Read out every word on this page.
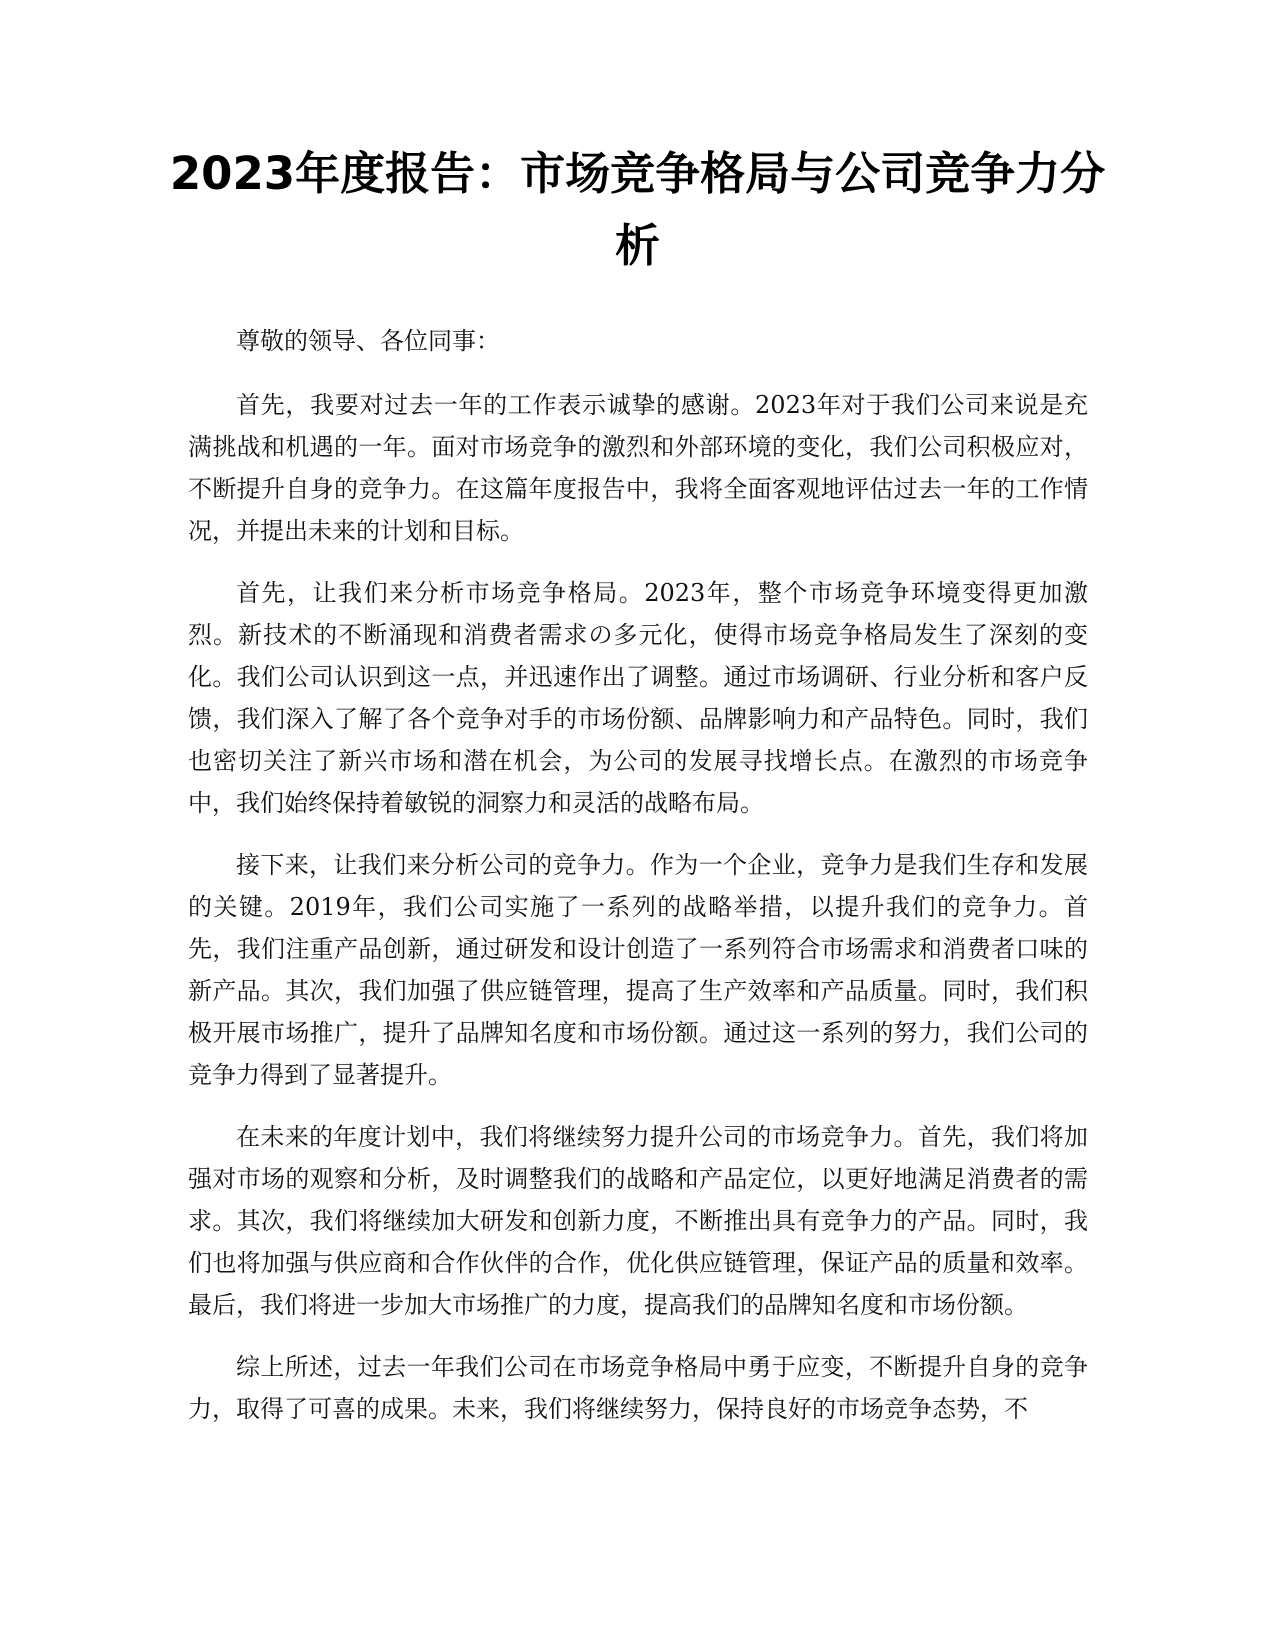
2023年度报告：市场竞争格局与公司竞争力分析

尊敬的领导、各位同事：

首先，我要对过去一年的工作表示诚挚的感谢。2023年对于我们公司来说是充满挑战和机遇的一年。面对市场竞争的激烈和外部环境的变化，我们公司积极应对，不断提升自身的竞争力。在这篇年度报告中，我将全面客观地评估过去一年的工作情况，并提出未来的计划和目标。

首先，让我们来分析市场竞争格局。2023年，整个市场竞争环境变得更加激烈。新技术的不断涌现和消费者需求の多元化，使得市场竞争格局发生了深刻的变化。我们公司认识到这一点，并迅速作出了调整。通过市场调研、行业分析和客户反馈，我们深入了解了各个竞争对手的市场份额、品牌影响力和产品特色。同时，我们也密切关注了新兴市场和潜在机会，为公司的发展寻找增长点。在激烈的市场竞争中，我们始终保持着敏锐的洞察力和灵活的战略布局。

接下来，让我们来分析公司的竞争力。作为一个企业，竞争力是我们生存和发展的关键。2019年，我们公司实施了一系列的战略举措，以提升我们的竞争力。首先，我们注重产品创新，通过研发和设计创造了一系列符合市场需求和消费者口味的新产品。其次，我们加强了供应链管理，提高了生产效率和产品质量。同时，我们积极开展市场推广，提升了品牌知名度和市场份额。通过这一系列的努力，我们公司的竞争力得到了显著提升。

在未来的年度计划中，我们将继续努力提升公司的市场竞争力。首先，我们将加强对市场的观察和分析，及时调整我们的战略和产品定位，以更好地满足消费者的需求。其次，我们将继续加大研发和创新力度，不断推出具有竞争力的产品。同时，我们也将加强与供应商和合作伙伴的合作，优化供应链管理，保证产品的质量和效率。最后，我们将进一步加大市场推广的力度，提高我们的品牌知名度和市场份额。

综上所述，过去一年我们公司在市场竞争格局中勇于应变，不断提升自身的竞争力，取得了可喜的成果。未来，我们将继续努力，保持良好的市场竞争态势，不
